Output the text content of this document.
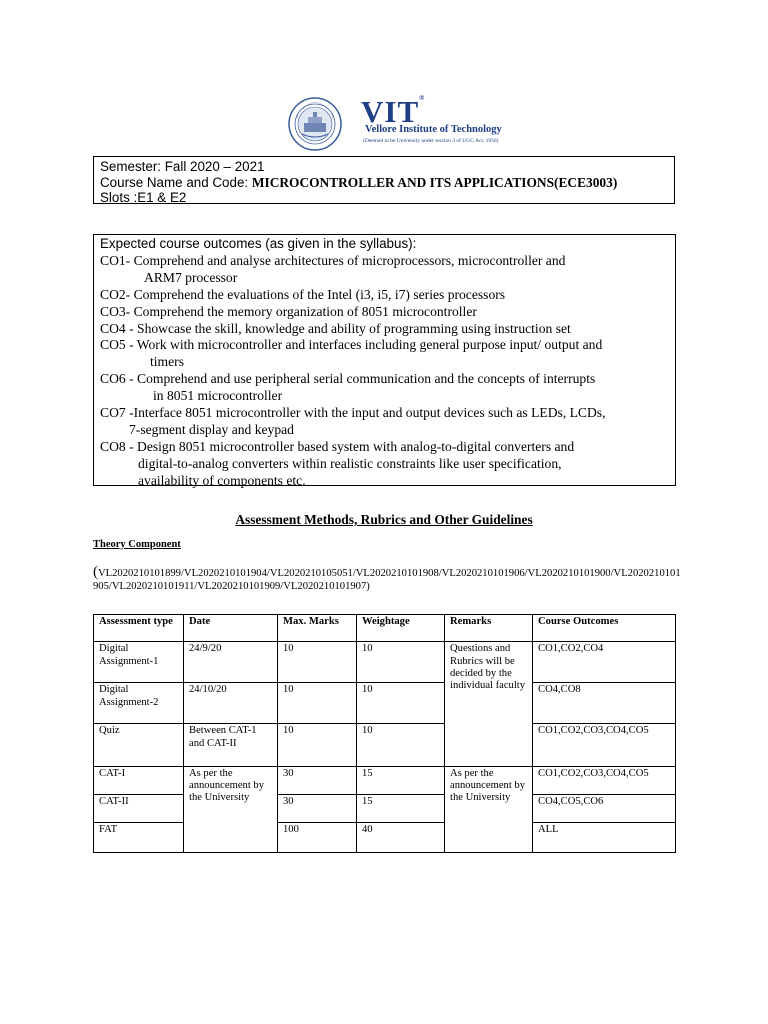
VIT®
Vellore Institute of Technology
(Deemed to be University under section 3 of UGC Act, 1956)
Semester: Fall 2020 – 2021
Course Name and Code: MICROCONTROLLER AND ITS APPLICATIONS(ECE3003)
Slots :E1 & E2
Expected course outcomes (as given in the syllabus):
CO1- Comprehend and analyse architectures of microprocessors, microcontroller and
ARM7 processor
CO2- Comprehend the evaluations of the Intel (i3, i5, i7) series processors
CO3- Comprehend the memory organization of 8051 microcontroller
CO4 - Showcase the skill, knowledge and ability of programming using instruction set
CO5 - Work with microcontroller and interfaces including general purpose input/ output and
timers
CO6 - Comprehend and use peripheral serial communication and the concepts of interrupts
in 8051 microcontroller
CO7 -Interface 8051 microcontroller with the input and output devices such as LEDs, LCDs,
7-segment display and keypad
CO8 - Design 8051 microcontroller based system with analog-to-digital converters and
digital-to-analog converters within realistic constraints like user specification,
availability of components etc.
Assessment Methods, Rubrics and Other Guidelines
Theory Component
(VL2020210101899/VL2020210101904/VL2020210105051/VL2020210101908/VL2020210101906/VL2020210101900/VL2020210101905/VL2020210101911/VL2020210101909/VL2020210101907)
Assessment type	Date	Max. Marks	Weightage	Remarks	Course Outcomes
Digital Assignment-1	24/9/20	10	10	Questions and Rubrics will be decided by the individual faculty	CO1,CO2,CO4
Digital Assignment-2	24/10/20	10	10		CO4,CO8
Quiz	Between CAT-1 and CAT-II	10	10		CO1,CO2,CO3,CO4,CO5
CAT-I	As per the announcement by the University	30	15	As per the announcement by the University	CO1,CO2,CO3,CO4,CO5
CAT-II		30	15		CO4,CO5,CO6
FAT		100	40		ALL
